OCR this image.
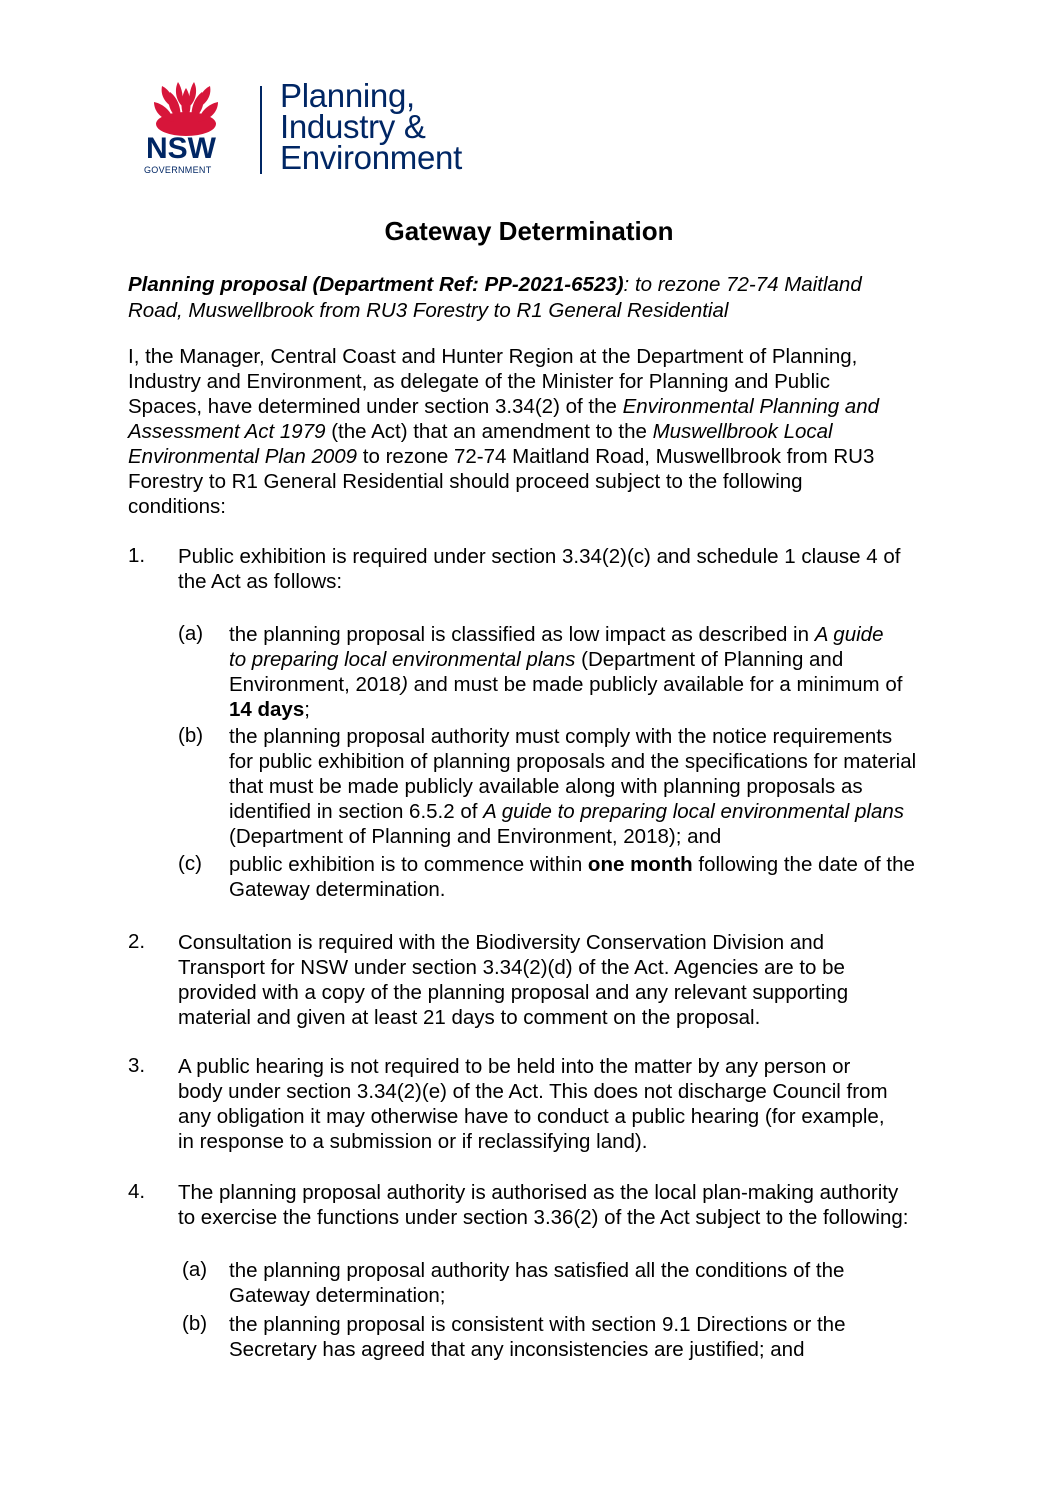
NSW
GOVERNMENT
Planning,
Industry &
Environment
Gateway Determination
Planning proposal (Department Ref: PP-2021-6523): to rezone 72-74 Maitland
Road, Muswellbrook from RU3 Forestry to R1 General Residential
I, the Manager, Central Coast and Hunter Region at the Department of Planning,
Industry and Environment, as delegate of the Minister for Planning and Public
Spaces, have determined under section 3.34(2) of the Environmental Planning and
Assessment Act 1979 (the Act) that an amendment to the Muswellbrook Local
Environmental Plan 2009 to rezone 72-74 Maitland Road, Muswellbrook from RU3
Forestry to R1 General Residential should proceed subject to the following
conditions:
1. Public exhibition is required under section 3.34(2)(c) and schedule 1 clause 4 of
the Act as follows:
(a) the planning proposal is classified as low impact as described in A guide
to preparing local environmental plans (Department of Planning and
Environment, 2018) and must be made publicly available for a minimum of
14 days;
(b) the planning proposal authority must comply with the notice requirements
for public exhibition of planning proposals and the specifications for material
that must be made publicly available along with planning proposals as
identified in section 6.5.2 of A guide to preparing local environmental plans
(Department of Planning and Environment, 2018); and
(c) public exhibition is to commence within one month following the date of the
Gateway determination.
2. Consultation is required with the Biodiversity Conservation Division and
Transport for NSW under section 3.34(2)(d) of the Act. Agencies are to be
provided with a copy of the planning proposal and any relevant supporting
material and given at least 21 days to comment on the proposal.
3. A public hearing is not required to be held into the matter by any person or
body under section 3.34(2)(e) of the Act. This does not discharge Council from
any obligation it may otherwise have to conduct a public hearing (for example,
in response to a submission or if reclassifying land).
4. The planning proposal authority is authorised as the local plan-making authority
to exercise the functions under section 3.36(2) of the Act subject to the following:
(a) the planning proposal authority has satisfied all the conditions of the
Gateway determination;
(b) the planning proposal is consistent with section 9.1 Directions or the
Secretary has agreed that any inconsistencies are justified; and
